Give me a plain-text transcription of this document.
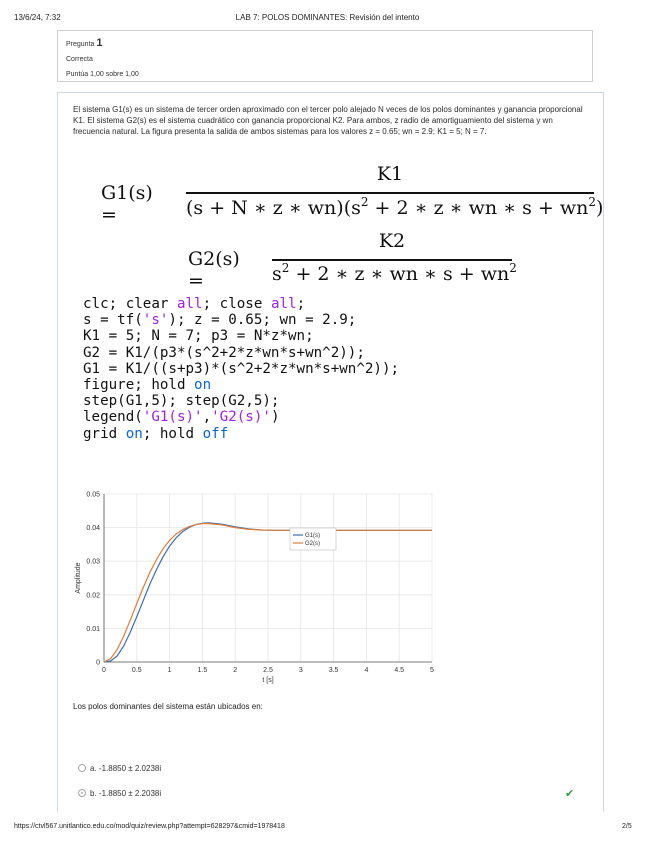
13/6/24, 7:32	LAB 7: POLOS DOMINANTES: Revisión del intento
Pregunta 1
Correcta
Puntúa 1,00 sobre 1,00
El sistema G1(s) es un sistema de tercer orden aproximado con el tercer polo alejado N veces de los polos dominantes y ganancia proporcional K1. El sistema G2(s) es el sistema cuadrático con ganancia proporcional K2. Para ambos, z radio de amortiguamiento del sistema y wn frecuencia natural. La figura presenta la salida de ambos sistemas para los valores z = 0.65; wn = 2.9; K1 = 5; N = 7.
G1(s) =
K1
(s + N ∗ z ∗ $wn)(s^2 + 2$ ∗ z ∗ wn ∗ $s + wn^2$)
G2(s) =
K2
$s^2 + 2$ ∗ z ∗ wn ∗ $s + wn^2$
clc; clear all; close all;
s = tf('s'); z = 0.65; wn = 2.9;
K1 = 5; N = 7; p3 = N*z*wn;
G2 = K1/(p3*(s^2+2*z*wn*s+wn^2));
G1 = K1/((s+p3)*(s^2+2*z*wn*s+wn^2));
figure; hold on
step(G1,5); step(G2,5);
legend('G1(s)','G2(s)')
grid on; hold off
0	0.5	1	1.5	2	2.5	3	3.5	4	4.5	5
0
0.01
0.02
0.03
0.04
0.05
G1(s)
G2(s)
t [s]
Amplitude
Los polos dominantes del sistema están ubicados en:
a. -1.8850 ± 2.0238i
b. -1.8850 ± 2.2038i	✔
https://ctvl567.unitlantico.edu.co/mod/quiz/review.php?attempt=628297&cmid=1978418	2/5
